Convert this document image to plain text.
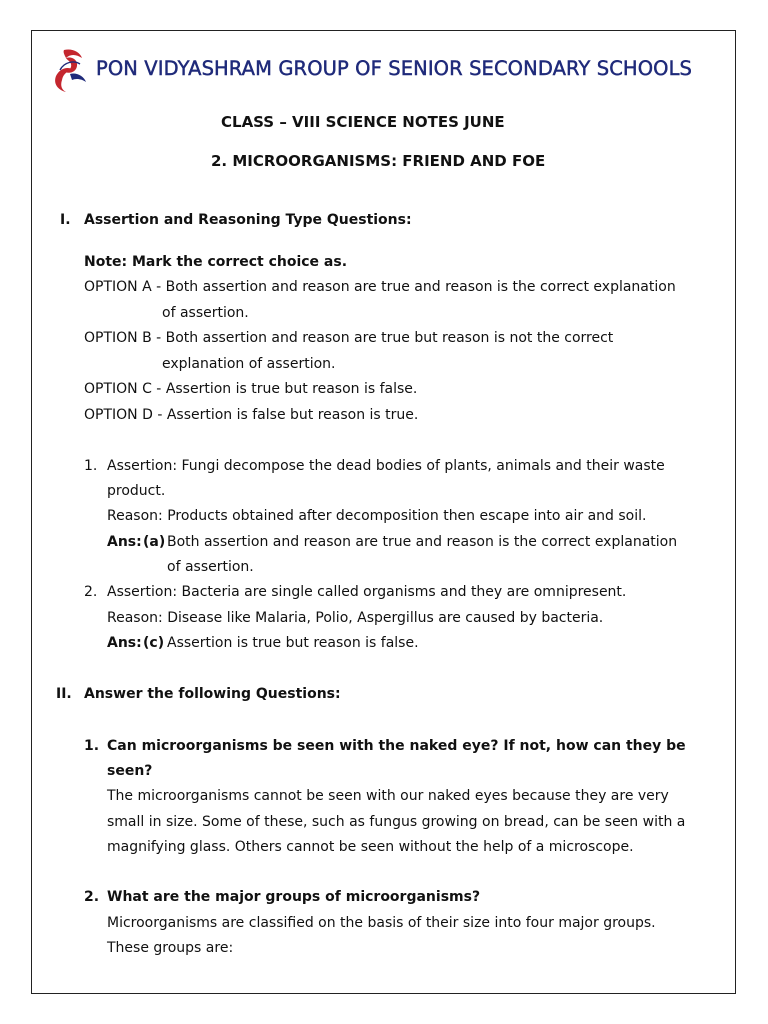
PON VIDYASHRAM GROUP OF SENIOR SECONDARY SCHOOLS
CLASS – VIII SCIENCE NOTES JUNE
2. MICROORGANISMS: FRIEND AND FOE
I. Assertion and Reasoning Type Questions:
Note: Mark the correct choice as.
OPTION A - Both assertion and reason are true and reason is the correct explanation
of assertion.
OPTION B - Both assertion and reason are true but reason is not the correct
explanation of assertion.
OPTION C - Assertion is true but reason is false.
OPTION D - Assertion is false but reason is true.
1. Assertion: Fungi decompose the dead bodies of plants, animals and their waste
product.
Reason: Products obtained after decomposition then escape into air and soil.
Ans: (a) Both assertion and reason are true and reason is the correct explanation
of assertion.
2. Assertion: Bacteria are single called organisms and they are omnipresent.
Reason: Disease like Malaria, Polio, Aspergillus are caused by bacteria.
Ans: (c) Assertion is true but reason is false.
II. Answer the following Questions:
1. Can microorganisms be seen with the naked eye? If not, how can they be
seen?
The microorganisms cannot be seen with our naked eyes because they are very
small in size. Some of these, such as fungus growing on bread, can be seen with a
magnifying glass. Others cannot be seen without the help of a microscope.
2. What are the major groups of microorganisms?
Microorganisms are classified on the basis of their size into four major groups.
These groups are:
